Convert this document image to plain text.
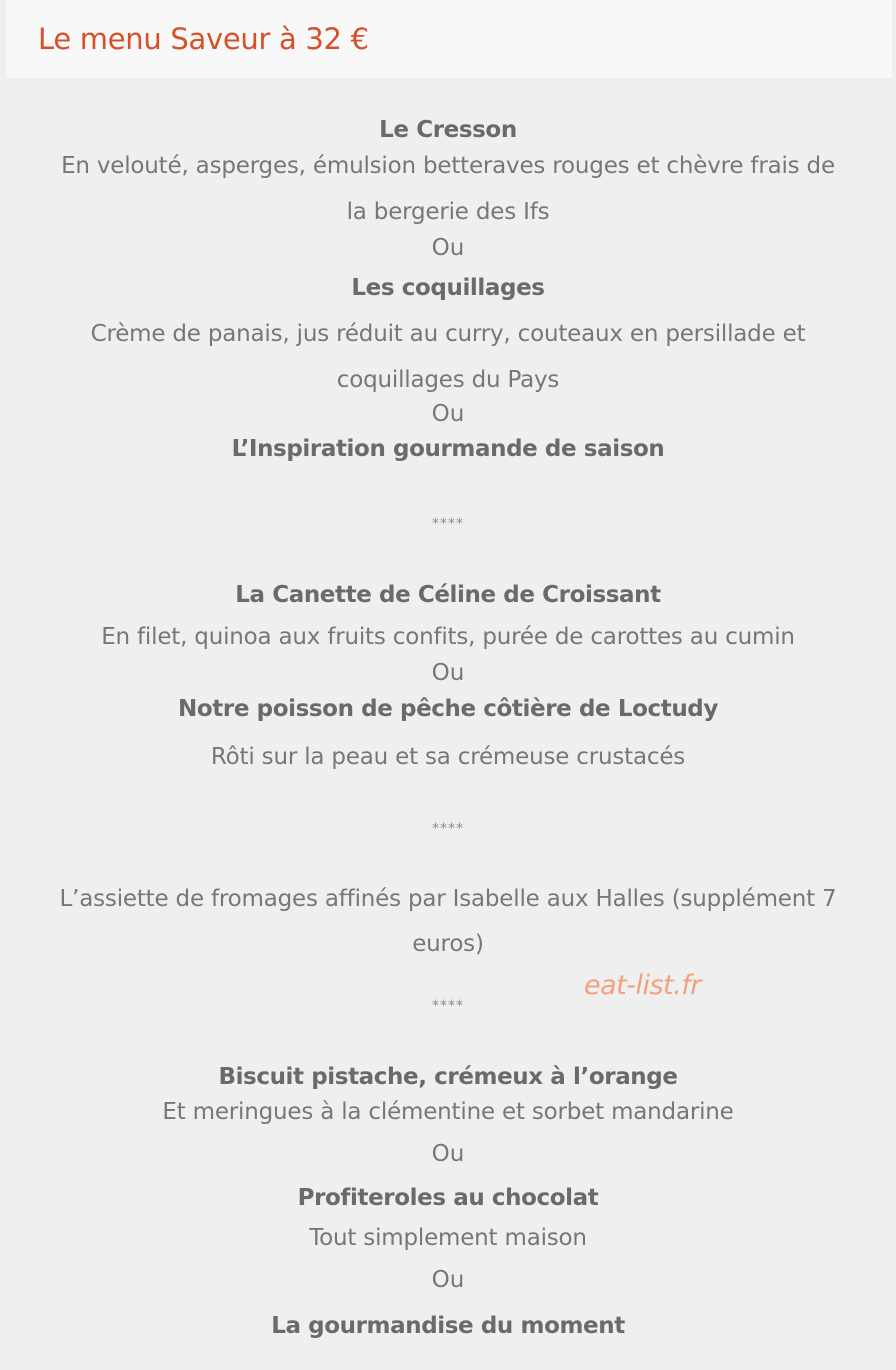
Le menu Saveur à 32 €

Le Cresson

En velouté, asperges, émulsion betteraves rouges et chèvre frais de

la bergerie des Ifs

Ou

Les coquillages

Crème de panais, jus réduit au curry, couteaux en persillade et

coquillages du Pays

Ou

L’Inspiration gourmande de saison

****

La Canette de Céline de Croissant

En filet, quinoa aux fruits confits, purée de carottes au cumin

Ou

Notre poisson de pêche côtière de Loctudy

Rôti sur la peau et sa crémeuse crustacés

****

L’assiette de fromages affinés par Isabelle aux Halles (supplément 7

euros)

****

eat-list.fr

Biscuit pistache, crémeux à l’orange

Et meringues à la clémentine et sorbet mandarine

Ou

Profiteroles au chocolat

Tout simplement maison

Ou

La gourmandise du moment
